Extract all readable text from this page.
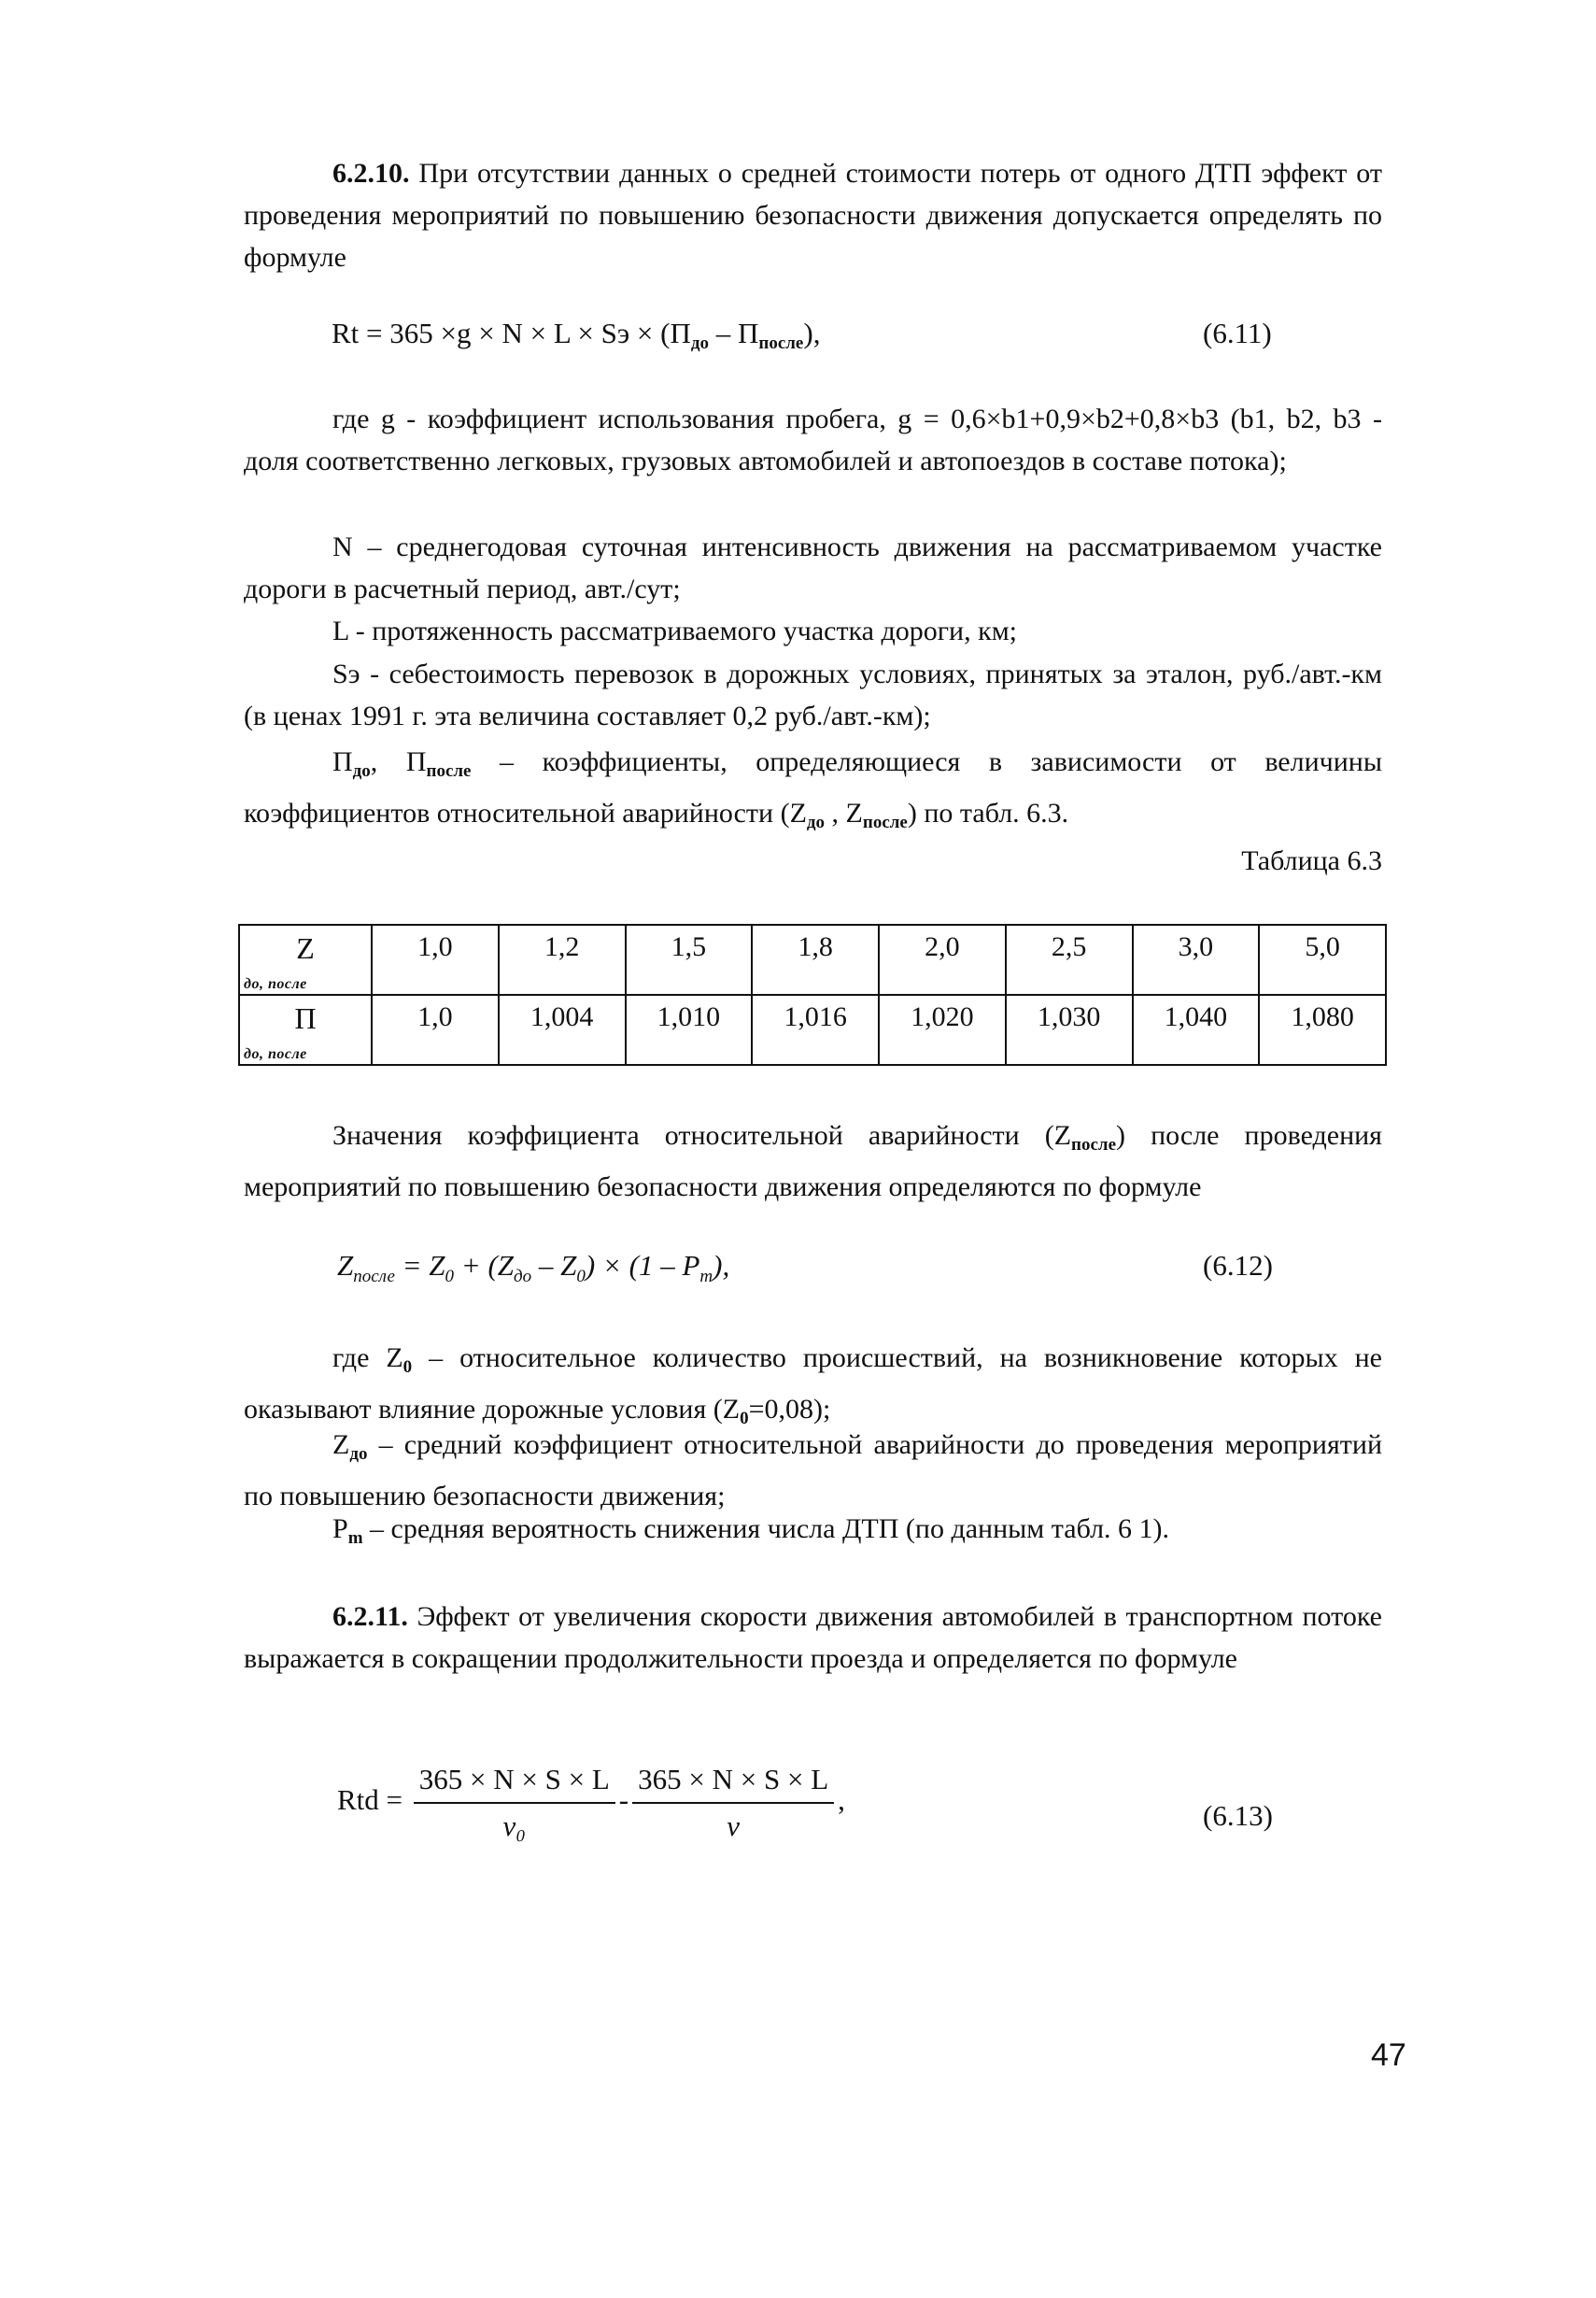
6.2.10. При отсутствии данных о средней стоимости потерь от одного ДТП эффект от проведения мероприятий по повышению безопасности движения допускается определять по формуле
Rt = 365 ×g × N × L × Sэ × $(П_{до} - П_{после})$,	(6.11)
где g - коэффициент использования пробега, g = 0,6×b1+0,9×b2+0,8×b3 (b1, b2, b3 - доля соответственно легковых, грузовых автомобилей и автопоездов в составе потока);
N – среднегодовая суточная интенсивность движения на рассматриваемом участке дороги в расчетный период, авт./сут;
L - протяженность рассматриваемого участка дороги, км;
Sэ - себестоимость перевозок в дорожных условиях, принятых за эталон, руб./авт.-км (в ценах 1991 г. эта величина составляет 0,2 руб./авт.-км);
$П_{до}$, $П_{после}$ – коэффициенты, определяющиеся в зависимости от величины коэффициентов относительной аварийности ($Z_{до}$ , $Z_{после}$) по табл. 6.3.
Таблица 6.3
Z
до, после	1,0	1,2	1,5	1,8	2,0	2,5	3,0	5,0

П
до, после	1,0	1,004	1,010	1,016	1,020	1,030	1,040	1,080
Значения коэффициента относительной аварийности $(Z_{после})$ после проведения мероприятий по повышению безопасности движения определяются по формуле
$Z_{после} = Z_0 + (Z_{до} - Z_0) \times (1 - P_m)$,	(6.12)
где $Z_0$ – относительное количество происшествий, на возникновение которых не оказывают влияние дорожные условия $(Z_0=0,08)$;
$Z_{до}$ – средний коэффициент относительной аварийности до проведения мероприятий по повышению безопасности движения;
$P_m$ – средняя вероятность снижения числа ДТП (по данным табл. 6 1).
6.2.11. Эффект от увеличения скорости движения автомобилей в транспортном потоке выражается в сокращении продолжительности проезда и определяется по формуле
Rtd = $\frac{365 \times N \times S \times L}{\text{v₀}} - \frac{365 \times N \times S \times L}{v}$ ,	(6.13)
47
